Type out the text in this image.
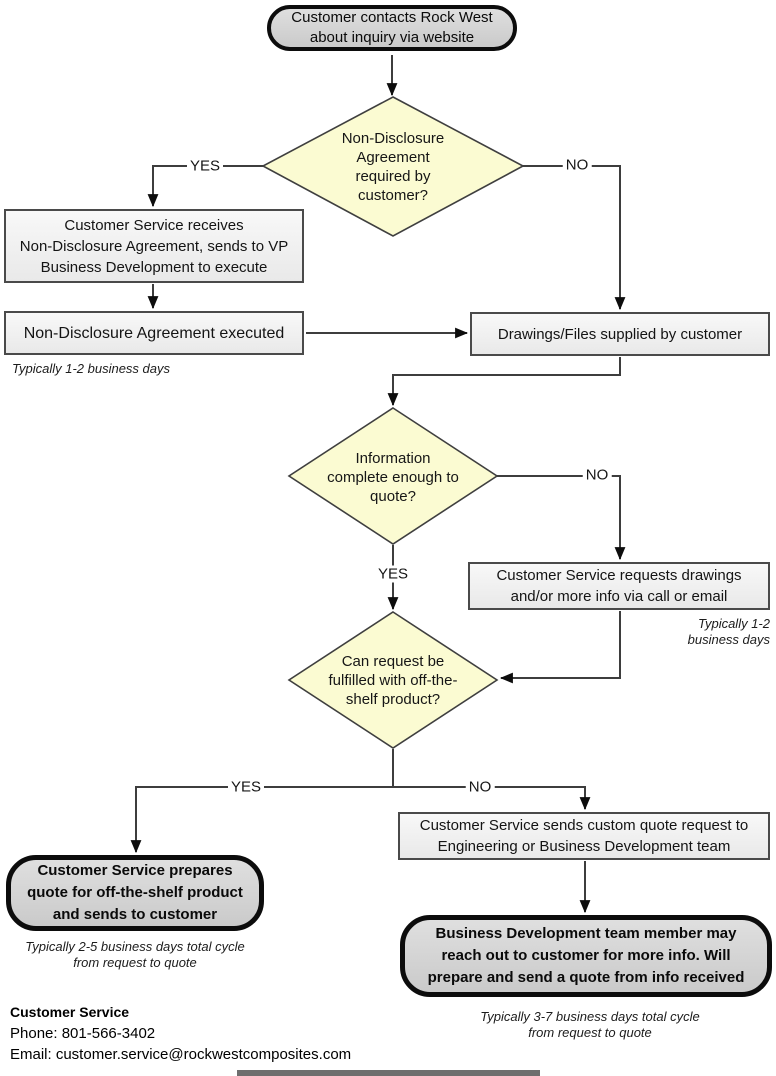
Customer contacts Rock West
about inquiry via website
Non-Disclosure
Agreement
required by
customer?
Customer Service receives
Non-Disclosure Agreement, sends to VP
Business Development to execute
Non-Disclosure Agreement executed
Typically 1-2 business days
Drawings/Files supplied by customer
Information
complete enough to
quote?
Customer Service requests drawings
and/or more info via call or email
Typically 1-2
business days
Can request be
fulfilled with off-the-
shelf product?
Customer Service prepares
quote for off-the-shelf product
and sends to customer
Typically 2-5 business days total cycle
from request to quote
Customer Service sends custom quote request to
Engineering or Business Development team
Business Development team member may
reach out to customer for more info. Will
prepare and send a quote from info received
Typically 3-7 business days total cycle
from request to quote
YES	NO
NO
YES
YES	NO
Customer Service
Phone: 801-566-3402
Email: customer.service@rockwestcomposites.com
